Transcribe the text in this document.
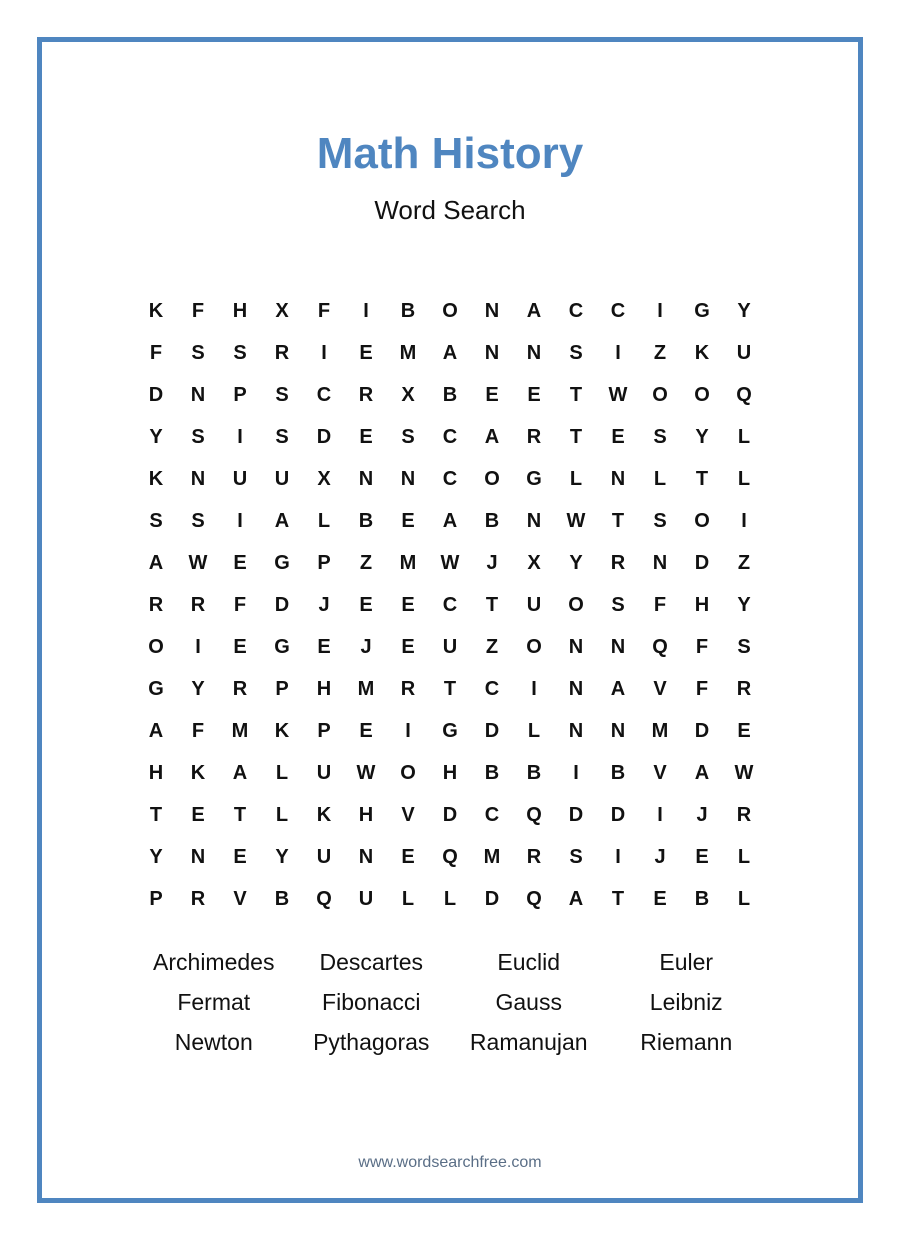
Math History
Word Search
K	F	H	X	F	I	B	O	N	A	C	C	I	G	Y
F	S	S	R	I	E	M	A	N	N	S	I	Z	K	U
D	N	P	S	C	R	X	B	E	E	T	W	O	O	Q
Y	S	I	S	D	E	S	C	A	R	T	E	S	Y	L
K	N	U	U	X	N	N	C	O	G	L	N	L	T	L
S	S	I	A	L	B	E	A	B	N	W	T	S	O	I
A	W	E	G	P	Z	M	W	J	X	Y	R	N	D	Z
R	R	F	D	J	E	E	C	T	U	O	S	F	H	Y
O	I	E	G	E	J	E	U	Z	O	N	N	Q	F	S
G	Y	R	P	H	M	R	T	C	I	N	A	V	F	R
A	F	M	K	P	E	I	G	D	L	N	N	M	D	E
H	K	A	L	U	W	O	H	B	B	I	B	V	A	W
T	E	T	L	K	H	V	D	C	Q	D	D	I	J	R
Y	N	E	Y	U	N	E	Q	M	R	S	I	J	E	L
P	R	V	B	Q	U	L	L	D	Q	A	T	E	B	L
Archimedes	Descartes	Euclid	Euler
Fermat	Fibonacci	Gauss	Leibniz
Newton	Pythagoras	Ramanujan	Riemann
www.wordsearchfree.com
